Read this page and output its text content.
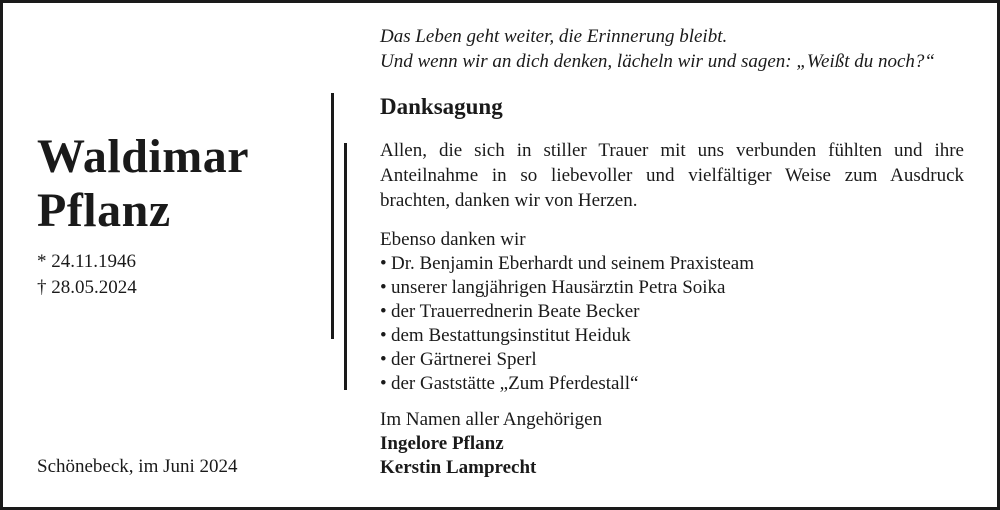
Waldimar
Pflanz
* 24.11.1946
† 28.05.2024
Schönebeck, im Juni 2024
Das Leben geht weiter, die Erinnerung bleibt.
Und wenn wir an dich denken, lächeln wir und sagen: „Weißt du noch?“
Danksagung
Allen, die sich in stiller Trauer mit uns verbunden fühlten und ihre
Anteilnahme in so liebevoller und vielfältiger Weise zum Ausdruck
brachten, danken wir von Herzen.
Ebenso danken wir
• Dr. Benjamin Eberhardt und seinem Praxisteam
• unserer langjährigen Hausärztin Petra Soika
• der Trauerrednerin Beate Becker
• dem Bestattungsinstitut Heiduk
• der Gärtnerei Sperl
• der Gaststätte „Zum Pferdestall“
Im Namen aller Angehörigen
Ingelore Pflanz
Kerstin Lamprecht
